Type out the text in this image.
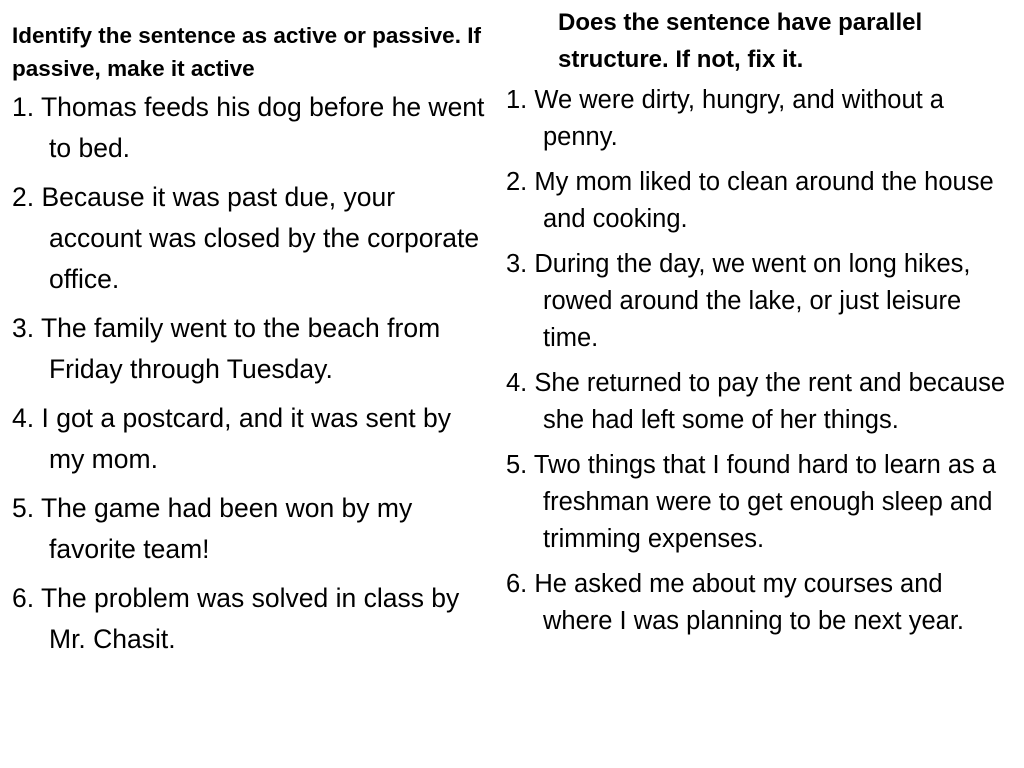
Identify the sentence as active or passive. If passive, make it active

1. Thomas feeds his dog before he went to bed.
2. Because it was past due, your account was closed by the corporate office.
3. The family went to the beach from Friday through Tuesday.
4. I got a postcard, and it was sent by my mom.
5. The game had been won by my favorite team!
6. The problem was solved in class by Mr. Chasit.

Does the sentence have parallel structure. If not, fix it.

1. We were dirty, hungry, and without a penny.
2. My mom liked to clean around the house and cooking.
3. During the day, we went on long hikes, rowed around the lake, or just leisure time.
4. She returned to pay the rent and because she had left some of her things.
5. Two things that I found hard to learn as a freshman were to get enough sleep and trimming expenses.
6. He asked me about my courses and where I was planning to be next year.
